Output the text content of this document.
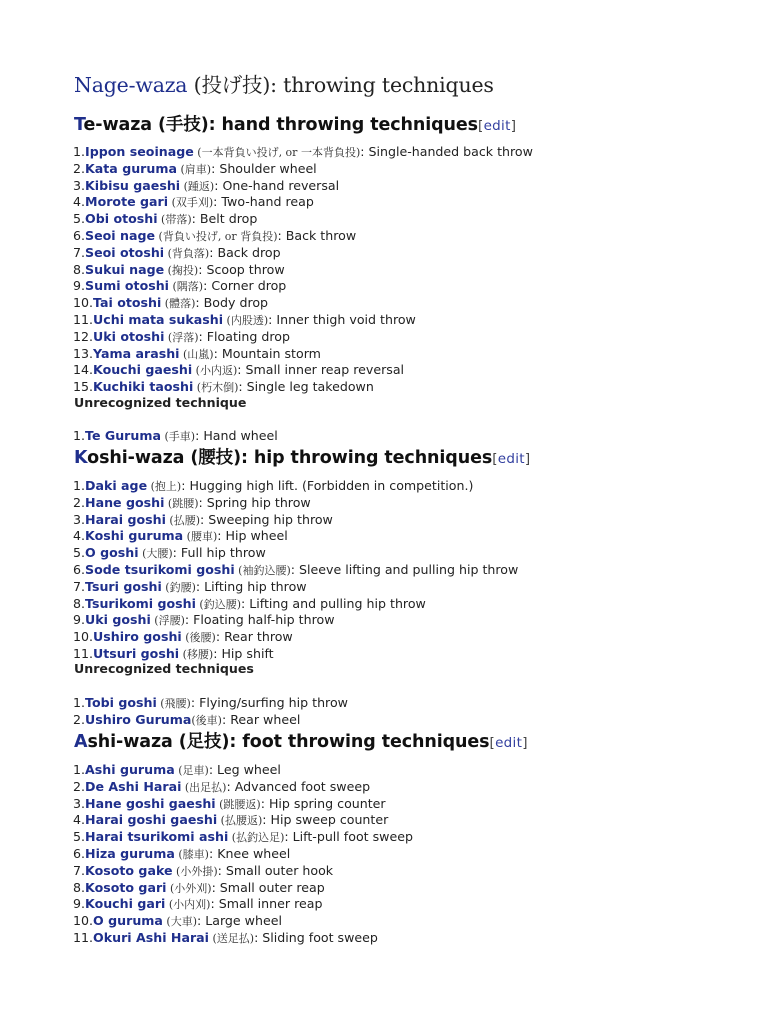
Nage-waza (投げ技): throwing techniques
Te-waza (手技): hand throwing techniques[edit]
1.Ippon seoinage (一本背負い投げ, or 一本背負投): Single-handed back throw
2.Kata guruma (肩車): Shoulder wheel
3.Kibisu gaeshi (踵返): One-hand reversal
4.Morote gari (双手刈): Two-hand reap
5.Obi otoshi (帯落): Belt drop
6.Seoi nage (背負い投げ, or 背負投): Back throw
7.Seoi otoshi (背負落): Back drop
8.Sukui nage (掬投): Scoop throw
9.Sumi otoshi (隅落): Corner drop
10.Tai otoshi (體落): Body drop
11.Uchi mata sukashi (内股透): Inner thigh void throw
12.Uki otoshi (浮落): Floating drop
13.Yama arashi (山嵐): Mountain storm
14.Kouchi gaeshi (小内返): Small inner reap reversal
15.Kuchiki taoshi (朽木倒): Single leg takedown
Unrecognized technique
1.Te Guruma (手車): Hand wheel
Koshi-waza (腰技): hip throwing techniques[edit]
1.Daki age (抱上): Hugging high lift. (Forbidden in competition.)
2.Hane goshi (跳腰): Spring hip throw
3.Harai goshi (払腰): Sweeping hip throw
4.Koshi guruma (腰車): Hip wheel
5.O goshi (大腰): Full hip throw
6.Sode tsurikomi goshi (袖釣込腰): Sleeve lifting and pulling hip throw
7.Tsuri goshi (釣腰): Lifting hip throw
8.Tsurikomi goshi (釣込腰): Lifting and pulling hip throw
9.Uki goshi (浮腰): Floating half-hip throw
10.Ushiro goshi (後腰): Rear throw
11.Utsuri goshi (移腰): Hip shift
Unrecognized techniques
1.Tobi goshi (飛腰): Flying/surfing hip throw
2.Ushiro Guruma(後車): Rear wheel
Ashi-waza (足技): foot throwing techniques[edit]
1.Ashi guruma (足車): Leg wheel
2.De Ashi Harai (出足払): Advanced foot sweep
3.Hane goshi gaeshi (跳腰返): Hip spring counter
4.Harai goshi gaeshi (払腰返): Hip sweep counter
5.Harai tsurikomi ashi (払釣込足): Lift-pull foot sweep
6.Hiza guruma (膝車): Knee wheel
7.Kosoto gake (小外掛): Small outer hook
8.Kosoto gari (小外刈): Small outer reap
9.Kouchi gari (小内刈): Small inner reap
10.O guruma (大車): Large wheel
11.Okuri Ashi Harai (送足払): Sliding foot sweep
